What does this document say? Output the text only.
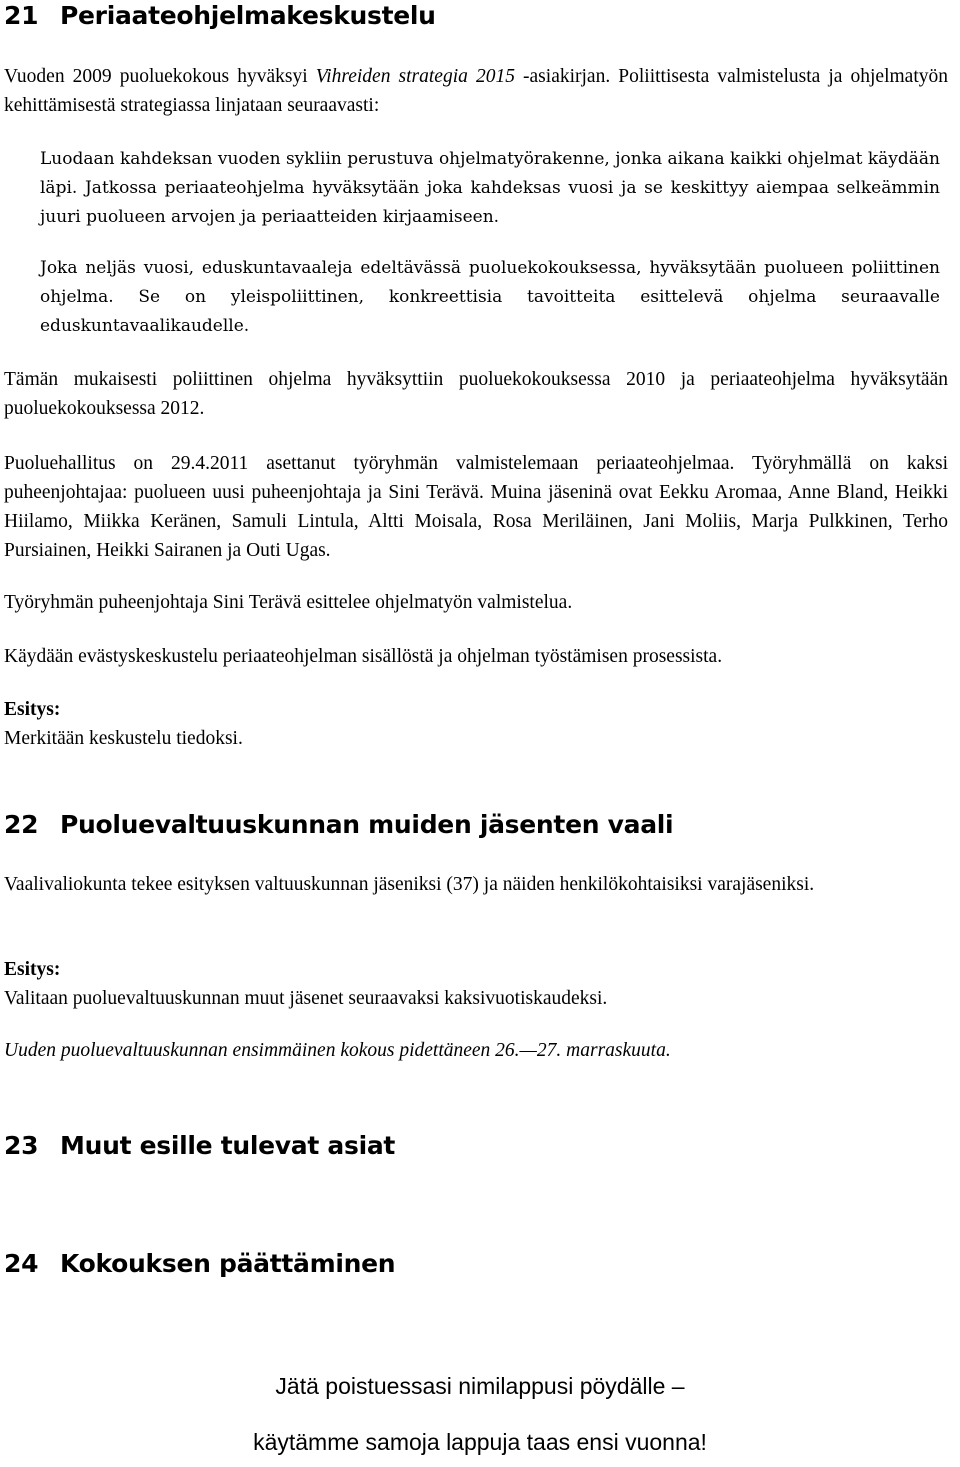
21 Periaateohjelmakeskustelu

Vuoden 2009 puoluekokous hyväksyi Vihreiden strategia 2015 -asiakirjan. Poliittisesta valmistelusta ja ohjelmatyön kehittämisestä strategiassa linjataan seuraavasti:

Luodaan kahdeksan vuoden sykliin perustuva ohjelmatyörakenne, jonka aikana kaikki ohjelmat käydään läpi. Jatkossa periaateohjelma hyväksytään joka kahdeksas vuosi ja se keskittyy aiempaa selkeämmin juuri puolueen arvojen ja periaatteiden kirjaamiseen.

Joka neljäs vuosi, eduskuntavaaleja edeltävässä puoluekokouksessa, hyväksytään puolueen poliittinen ohjelma. Se on yleispoliittinen, konkreettisia tavoitteita esittelevä ohjelma seuraavalle eduskuntavaalikaudelle.

Tämän mukaisesti poliittinen ohjelma hyväksyttiin puoluekokouksessa 2010 ja periaateohjelma hyväksytään puoluekokouksessa 2012.

Puoluehallitus on 29.4.2011 asettanut työryhmän valmistelemaan periaateohjelmaa. Työryhmällä on kaksi puheenjohtajaa: puolueen uusi puheenjohtaja ja Sini Terävä. Muina jäseninä ovat Eekku Aromaa, Anne Bland, Heikki Hiilamo, Miikka Keränen, Samuli Lintula, Altti Moisala, Rosa Meriläinen, Jani Moliis, Marja Pulkkinen, Terho Pursiainen, Heikki Sairanen ja Outi Ugas.

Työryhmän puheenjohtaja Sini Terävä esittelee ohjelmatyön valmistelua.

Käydään evästyskeskustelu periaateohjelman sisällöstä ja ohjelman työstämisen prosessista.

Esitys:
Merkitään keskustelu tiedoksi.
22 Puoluevaltuuskunnan muiden jäsenten vaali

Vaalivaliokunta tekee esityksen valtuuskunnan jäseniksi (37) ja näiden henkilökohtaisiksi varajäseniksi.

Esitys:
Valitaan puoluevaltuuskunnan muut jäsenet seuraavaksi kaksivuotiskaudeksi.

Uuden puoluevaltuuskunnan ensimmäinen kokous pidettäneen 26.—27. marraskuuta.

23 Muut esille tulevat asiat
24 Kokouksen päättäminen
Jätä poistuessasi nimilappusi pöydälle –
käytämme samoja lappuja taas ensi vuonna!
